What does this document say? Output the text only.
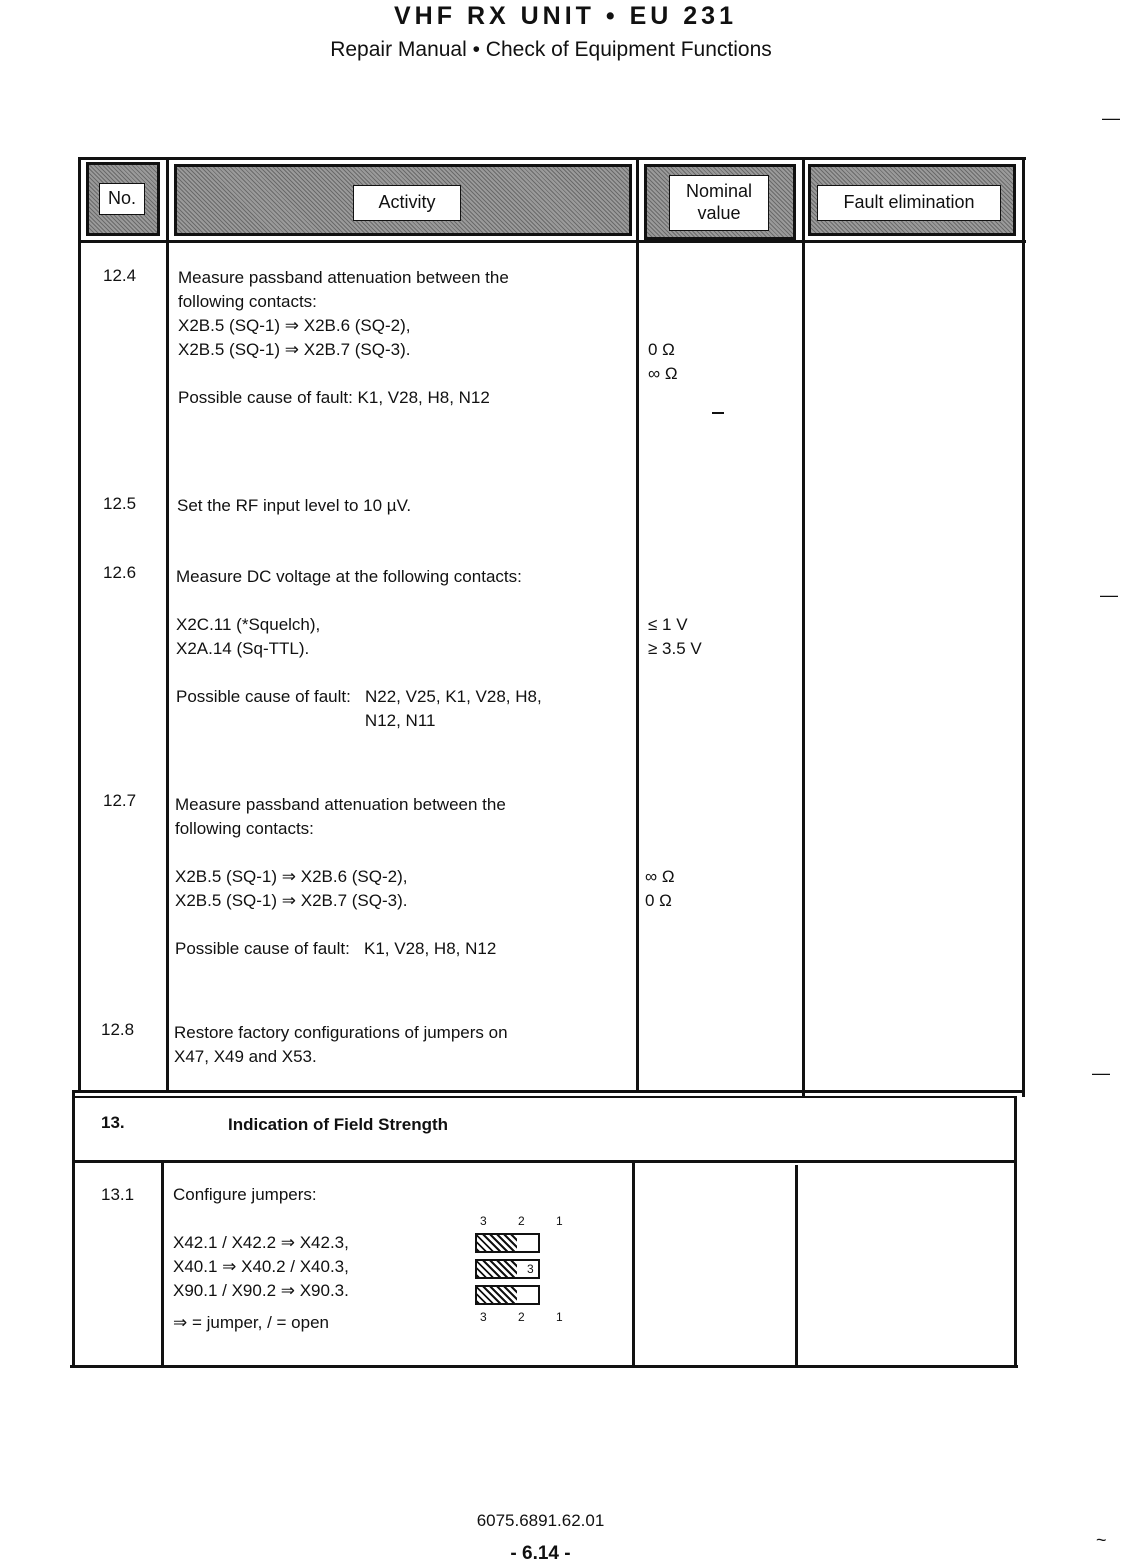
VHF RX UNIT • EU 231
Repair Manual • Check of Equipment Functions
—
—
—
No.	Activity
Nominal
value
Fault elimination
12.4 Measure passband attenuation between the
following contacts:
X2B.5 (SQ-1) ⇒ X2B.6 (SQ-2),
X2B.5 (SQ-1) ⇒ X2B.7 (SQ-3).
Possible cause of fault: K1, V28, H8, N12
0 Ω
∞ Ω
12.5 Set the RF input level to 10 µV.
12.6 Measure DC voltage at the following contacts:
X2C.11 (*Squelch),
X2A.14 (Sq-TTL).
Possible cause of fault:   N22, V25, K1, V28, H8,
N12, N11
≤ 1 V
≥ 3.5 V
12.7 Measure passband attenuation between the
following contacts:
X2B.5 (SQ-1) ⇒ X2B.6 (SQ-2),
X2B.5 (SQ-1) ⇒ X2B.7 (SQ-3).
Possible cause of fault:   K1, V28, H8, N12
∞ Ω
0 Ω
12.8 Restore factory configurations of jumpers on
X47, X49 and X53.
13.	Indication of Field Strength
13.1 Configure jumpers:
X42.1 / X42.2 ⇒ X42.3,
X40.1 ⇒ X40.2 / X40.3,
X90.1 / X90.2 ⇒ X90.3.
⇒ = jumper, / = open
3 2 1
3
3 2 1
6075.6891.62.01
- 6.14 -
~
